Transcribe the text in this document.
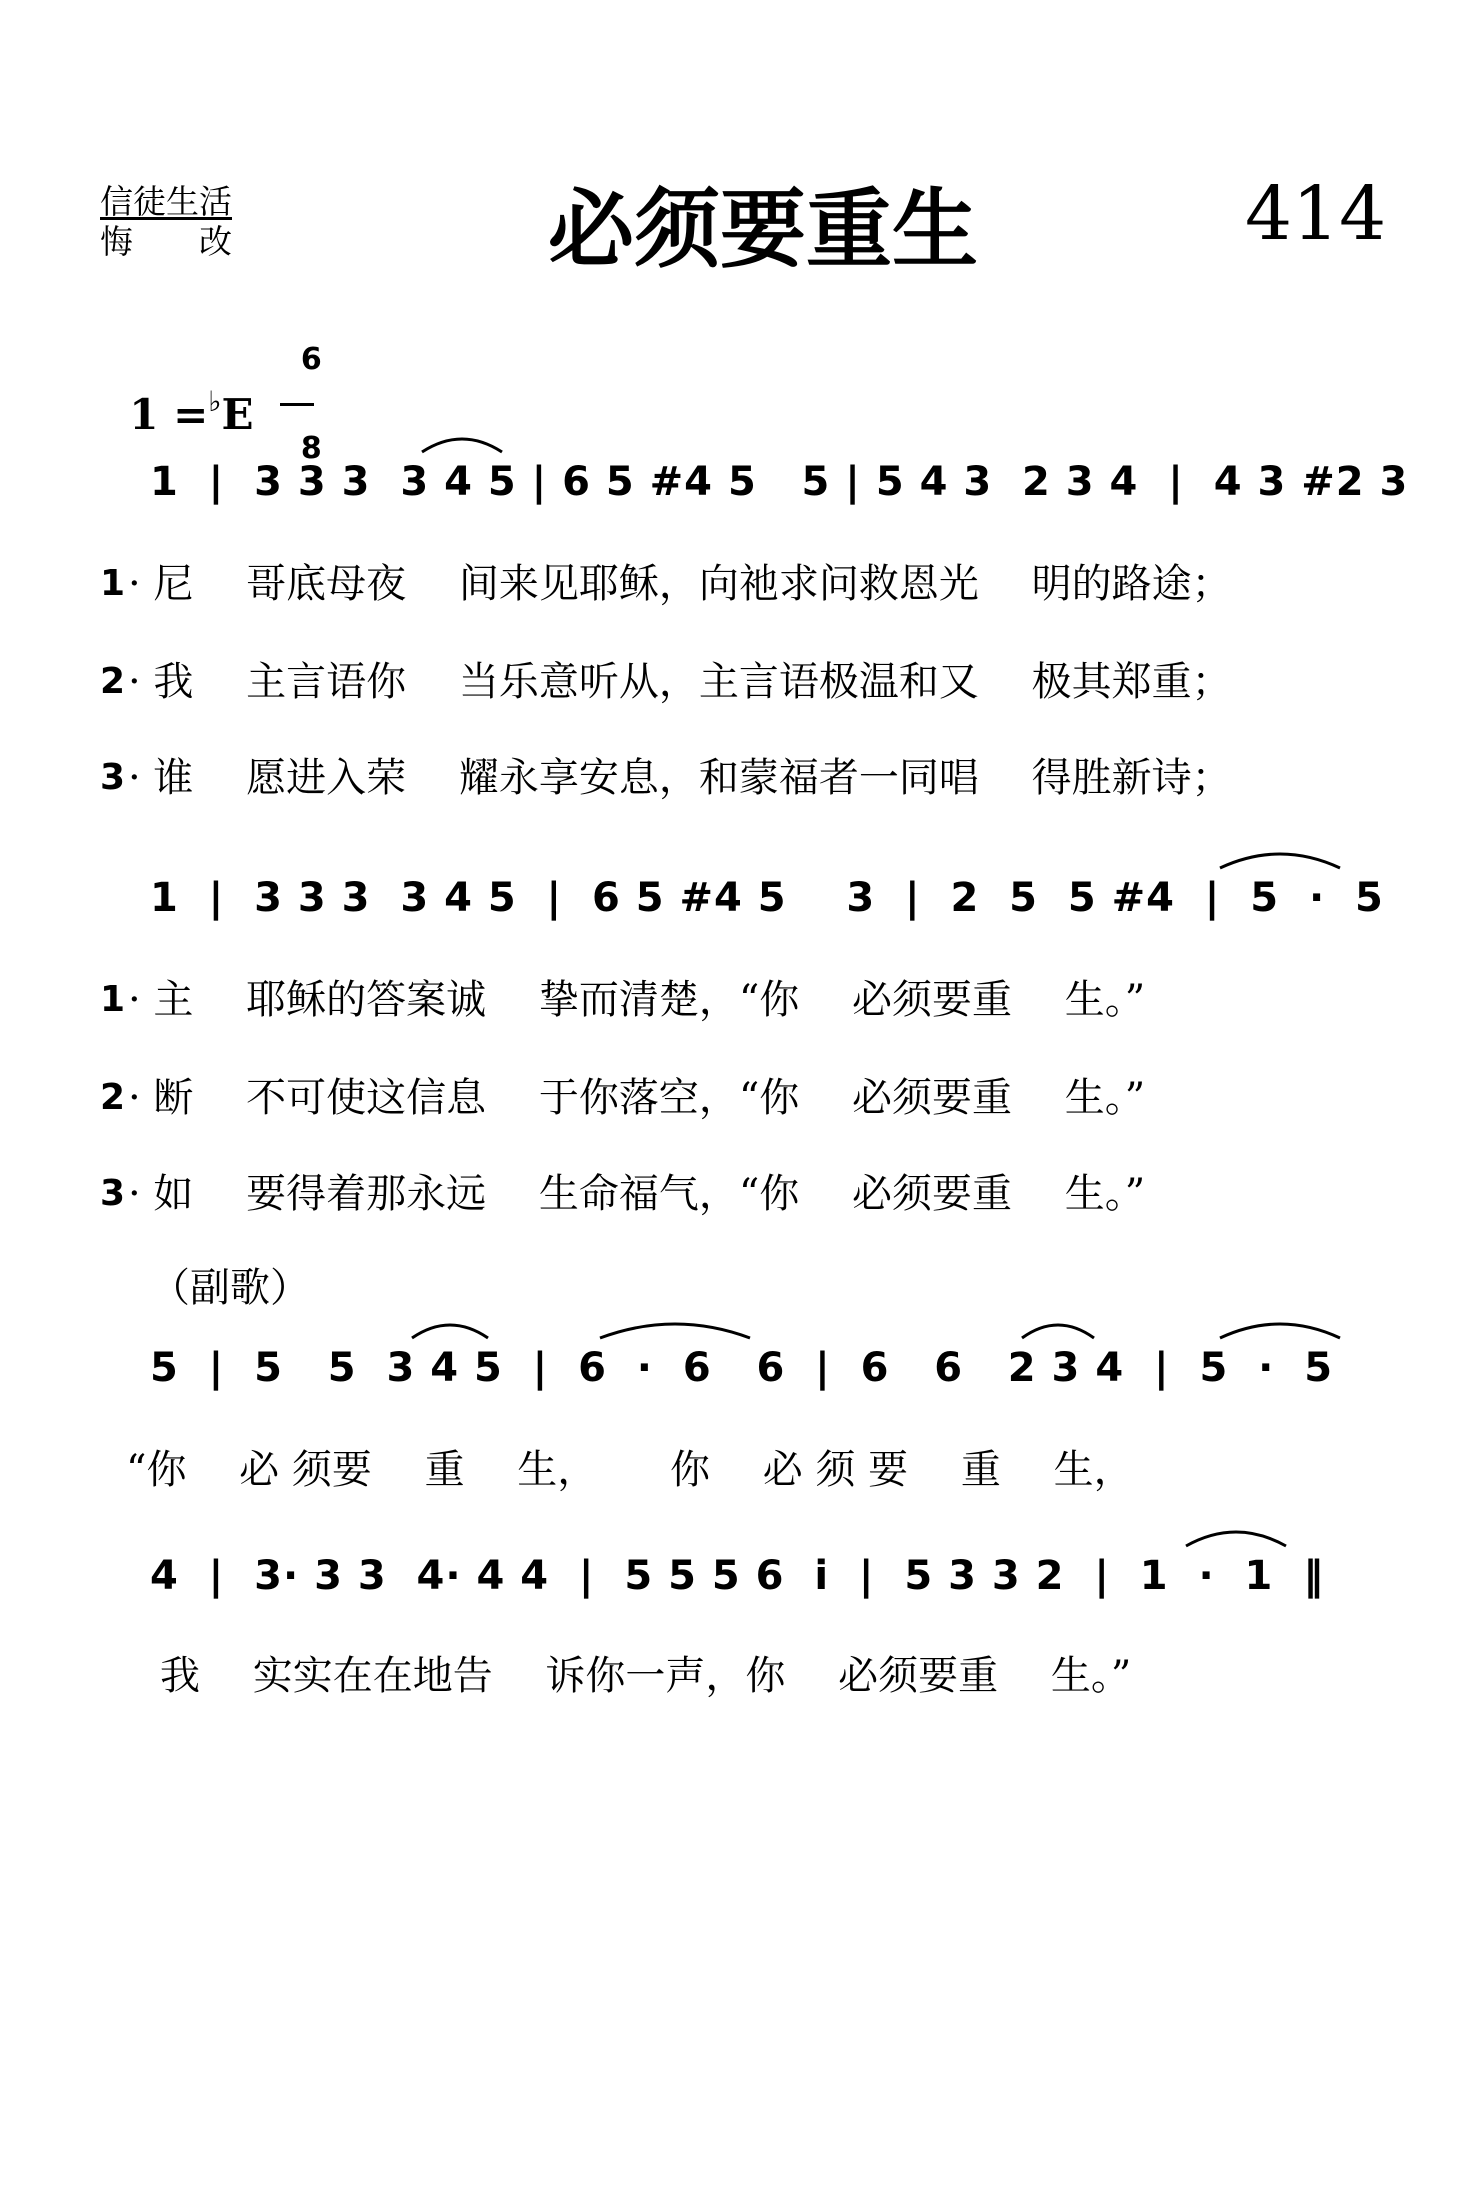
信徒生活
悔　　改	必须要重生	414

1 =♭E

6

8

1  |  3 3 3  3 4 5 | 6 5 #4 5   5 | 5 4 3  2 3 4  |  4 3 #2 3
1 · 尼　 哥底母夜　 间来见耶稣，向祂求问救恩光　 明的路途；
2 · 我　 主言语你　 当乐意听从，主言语极温和又　 极其郑重；
3 · 谁　 愿进入荣　 耀永享安息，和蒙福者一同唱　 得胜新诗；
1  |  3 3 3  3 4 5  |  6 5 #4 5    3  |  2  5  5 #4  |  5  ·  5
1 · 主　 耶稣的答案诚　 挚而清楚，“你　 必须要重　 生。”
2 · 断　 不可使这信息　 于你落空，“你　 必须要重　 生。”
3 · 如　 要得着那永远　 生命福气，“你　 必须要重　 生。”
（副歌）
5  |  5   5  3 4 5  |  6  ·  6   6  |  6   6   2 3 4  |  5  ·  5
“你　 必 须要　 重　 生，　　 你　 必 须 要　 重　 生，
4  |  3· 3 3  4· 4 4  |  5 5 5 6  i  |  5 3 3 2  |  1  ·  1  ‖
我　 实实在在地告　 诉你一声，你　 必须要重　 生。”
